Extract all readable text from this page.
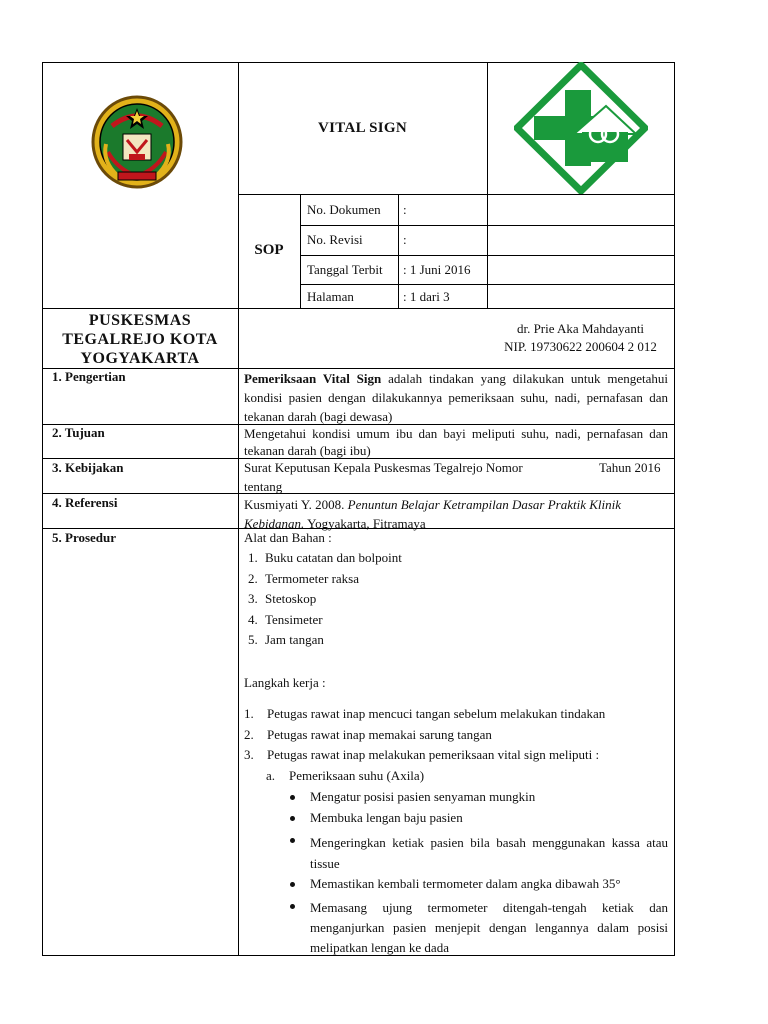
VITAL SIGN
SOP
No. Dokumen :
No. Revisi	:
Tanggal Terbit : 1 Juni 2016
Halaman	: 1 dari 3
PUSKESMAS
TEGALREJO KOTA
YOGYAKARTA
dr. Prie Aka Mahdayanti
NIP. 19730622 200604 2 012
1. Pengertian	Pemeriksaan Vital Sign adalah tindakan yang dilakukan untuk mengetahui kondisi pasien dengan dilakukannya pemeriksaan suhu, nadi, pernafasan dan tekanan darah (bagi dewasa)
2. Tujuan	Mengetahui kondisi umum ibu dan bayi meliputi suhu, nadi, pernafasan dan tekanan darah (bagi ibu)
3. Kebijakan	Surat Keputusan Kepala Puskesmas Tegalrejo Nomor	Tahun 2016
tentang
4. Referensi	Kusmiyati Y. 2008. Penuntun Belajar Ketrampilan Dasar Praktik Klinik Kebidanan. Yogyakarta, Fitramaya
5. Prosedur	Alat dan Bahan :
1. Buku catatan dan bolpoint
2. Termometer raksa
3. Stetoskop
4. Tensimeter
5. Jam tangan
Langkah kerja :
1. Petugas rawat inap mencuci tangan sebelum melakukan tindakan
2. Petugas rawat inap memakai sarung tangan
3. Petugas rawat inap melakukan pemeriksaan vital sign meliputi :
a. Pemeriksaan suhu (Axila)
Mengatur posisi pasien senyaman mungkin
Membuka lengan baju pasien
Mengeringkan ketiak pasien bila basah menggunakan kassa atau tissue
Memastikan kembali termometer dalam angka dibawah 35°
Memasang ujung termometer ditengah-tengah ketiak dan menganjurkan pasien menjepit dengan lengannya dalam posisi melipatkan lengan ke dada
